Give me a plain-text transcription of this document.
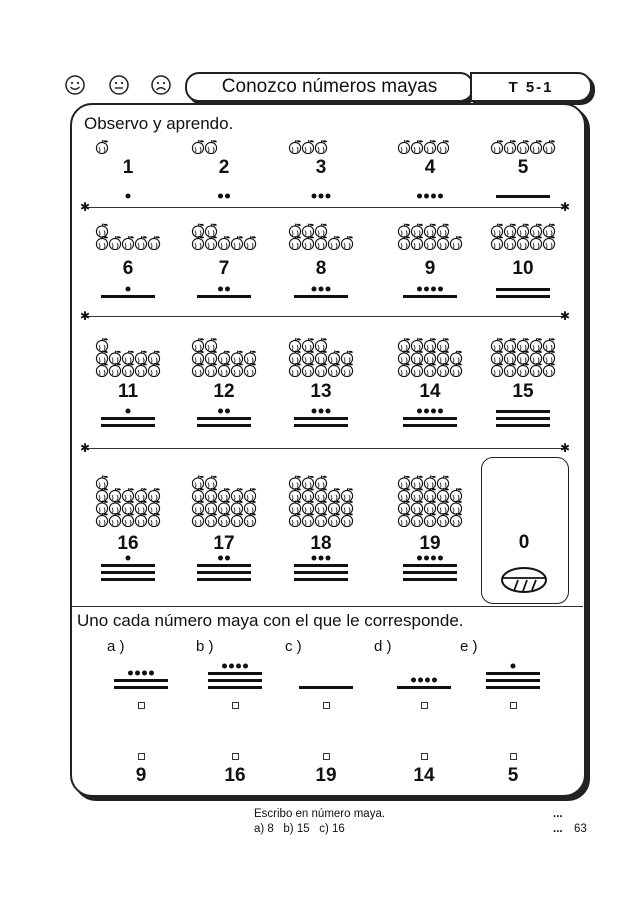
Conozco números mayas	T 5-1
Observo y aprendo.
✱	✱
✱	✱
✱	✱
1	2	3	4	5
6	7	8	9	10
11	12	13	14	15
16	17	18	19	0
Uno cada número maya con el que le corresponde.
a )	b )	c )	d )	e )
9	16	19	14	5
Escribo en número maya.
a) 8   b) 15   c) 16
...
... 63
